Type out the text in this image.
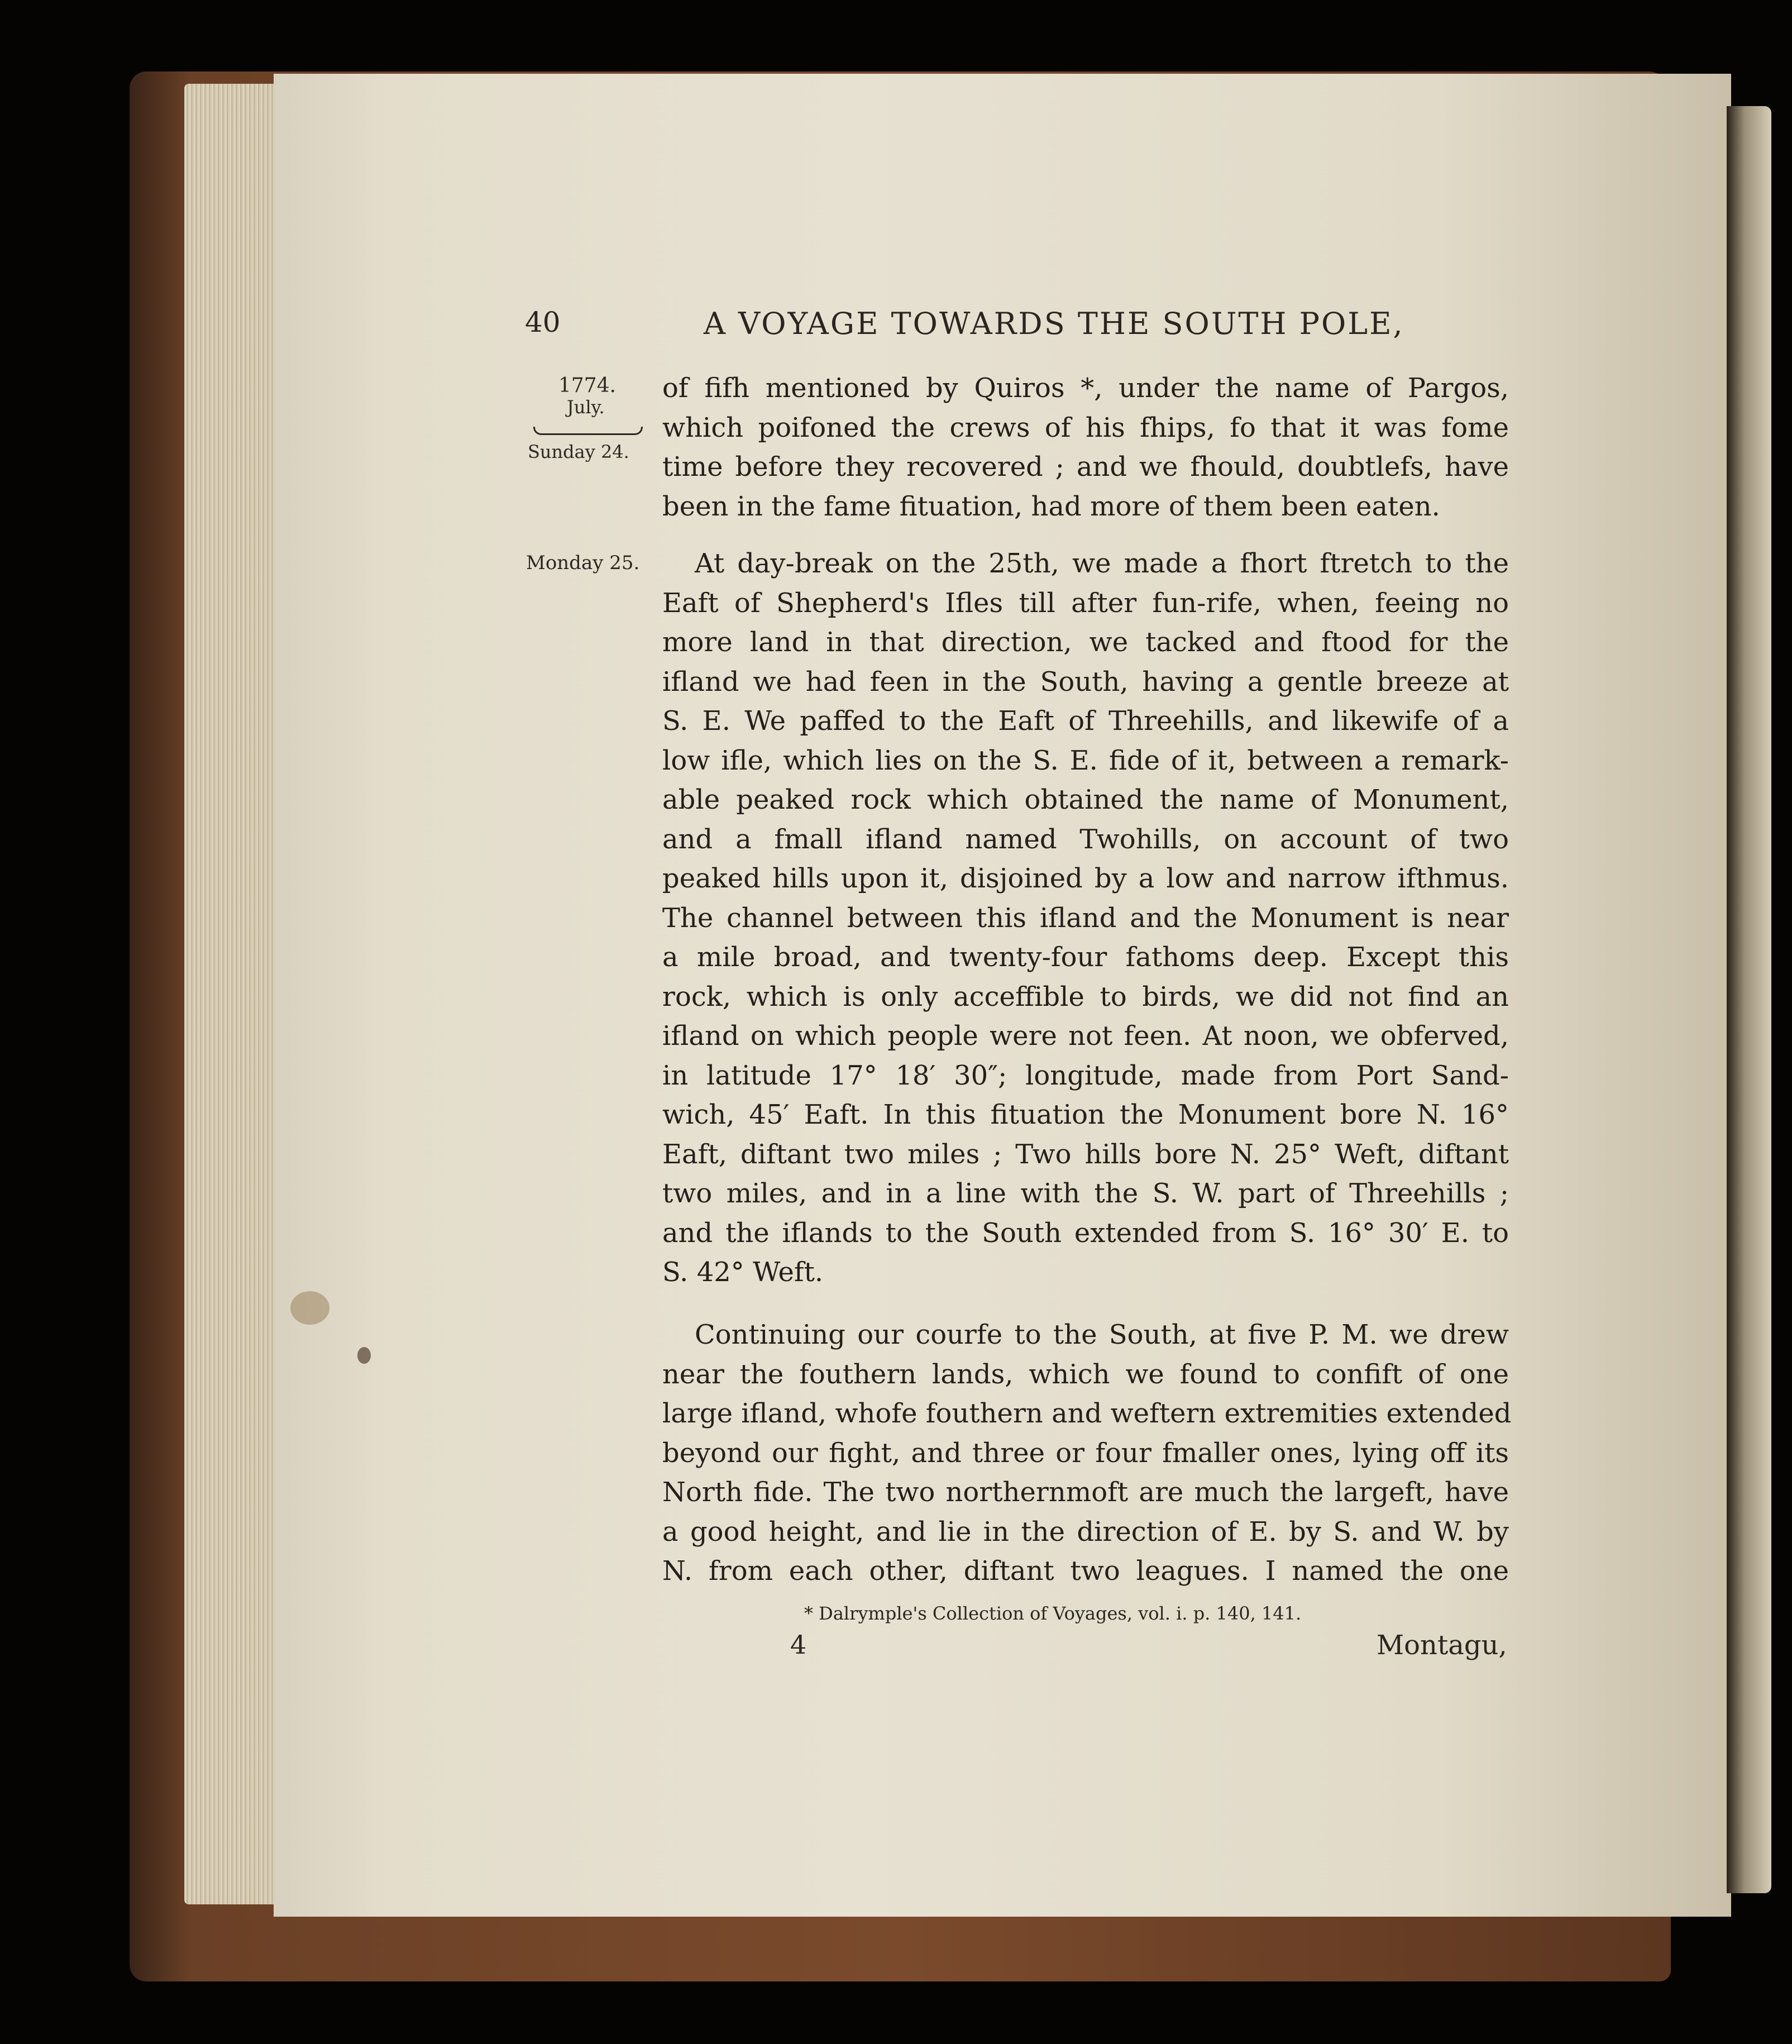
40	A VOYAGE TOWARDS THE SOUTH POLE,
1774.
July.
Sunday 24.
Monday 25.
of fifh mentioned by Quiros *, under the name of Pargos,
which poifoned the crews of his fhips, fo that it was fome
time before they recovered ; and we fhould, doubtlefs, have
been in the fame fituation, had more of them been eaten.
At day-break on the 25th, we made a fhort ftretch to the
Eaft of Shepherd's Ifles till after fun-rife, when, feeing no
more land in that direction, we tacked and ftood for the
ifland we had feen in the South, having a gentle breeze at
S. E. We paffed to the Eaft of Threehills, and likewife of a
low ifle, which lies on the S. E. fide of it, between a remark-
able peaked rock which obtained the name of Monument,
and a fmall ifland named Twohills, on account of two
peaked hills upon it, disjoined by a low and narrow ifthmus.
The channel between this ifland and the Monument is near
a mile broad, and twenty-four fathoms deep. Except this
rock, which is only acceffible to birds, we did not find an
ifland on which people were not feen. At noon, we obferved,
in latitude 17° 18′ 30″; longitude, made from Port Sand-
wich, 45′ Eaft. In this fituation the Monument bore N. 16°
Eaft, diftant two miles ; Two hills bore N. 25° Weft, diftant
two miles, and in a line with the S. W. part of Threehills ;
and the iflands to the South extended from S. 16° 30′ E. to
S. 42° Weft.
Continuing our courfe to the South, at five P. M. we drew
near the fouthern lands, which we found to confift of one
large ifland, whofe fouthern and weftern extremities extended
beyond our fight, and three or four fmaller ones, lying off its
North fide. The two northernmoft are much the largeft, have
a good height, and lie in the direction of E. by S. and W. by
N. from each other, diftant two leagues. I named the one
* Dalrymple's Collection of Voyages, vol. i. p. 140, 141.
4	Montagu,
